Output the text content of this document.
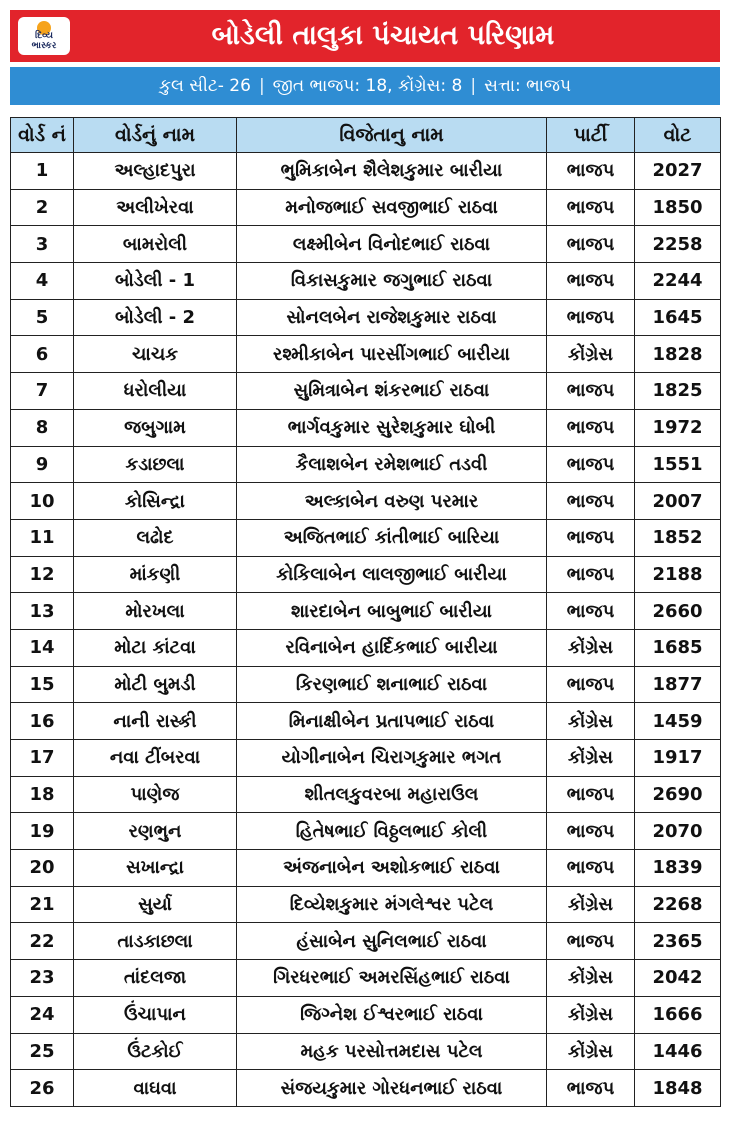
દિવ્ય
ભાસ્કર	બોડેલી તાલુકા પંચાયત પરિણામ
કુલ સીટ- 26 | જીત ભાજપ: 18, કોંગ્રેસ: 8 | સત્તા: ભાજપ
વોર્ડ નં	વોર્ડનું નામ	વિજેતાનુ નામ	પાર્ટી	વોટ
1	અલ્હાદપુરા	ભુમિકાબેન શૈલેશકુમાર બારીયા	ભાજપ	2027
2	અલીખેરવા	મનોજભાઈ સવજીભાઈ રાઠવા	ભાજપ	1850
3	બામરોલી	લક્ષ્મીબેન વિનોદભાઈ રાઠવા	ભાજપ	2258
4	બોડેલી - 1	વિકાસકુમાર જગુભાઈ રાઠવા	ભાજપ	2244
5	બોડેલી - 2	સોનલબેન રાજેશકુમાર રાઠવા	ભાજપ	1645
6	ચાચક	રશ્મીકાબેન પારસીંગભાઈ બારીયા	કોંગ્રેસ	1828
7	ધરોલીયા	સુમિત્રાબેન શંકરભાઈ રાઠવા	ભાજપ	1825
8	જબુગામ	ભાર્ગવકુમાર સુરેશકુમાર ઘોબી	ભાજપ	1972
9	કડાછલા	કૈલાશબેન રમેશભાઈ તડવી	ભાજપ	1551
10	કોસિન્દ્રા	અલ્કાબેન વરુણ પરમાર	ભાજપ	2007
11	લઢોદ	અજિતભાઈ કાંતીભાઈ બારિયા	ભાજપ	1852
12	માંકણી	કોકિલાબેન લાલજીભાઈ બારીયા	ભાજપ	2188
13	મોરખલા	શારદાબેન બાબુભાઈ બારીયા	ભાજપ	2660
14	મોટા કાંટવા	રવિનાબેન હાર્દિકભાઈ બારીયા	કોંગ્રેસ	1685
15	મોટી બુમડી	કિરણભાઈ શનાભાઈ રાઠવા	ભાજપ	1877
16	નાની રાસ્કી	મિનાક્ષીબેન પ્રતાપભાઈ રાઠવા	કોંગ્રેસ	1459
17	નવા ટીંબરવા	યોગીનાબેન ચિરાગકુમાર ભગત	કોંગ્રેસ	1917
18	પાણેજ	શીતલકુવરબા મહારાઉલ	ભાજપ	2690
19	રણભુન	હિતેષભાઈ વિઠ્ઠલભાઈ કોલી	ભાજપ	2070
20	સખાન્દ્રા	અંજનાબેન અશોકભાઈ રાઠવા	ભાજપ	1839
21	સુર્યા	દિવ્યેશકુમાર મંગલેશ્વર પટેલ	કોંગ્રેસ	2268
22	તાડકાછલા	હંસાબેન સુનિલભાઈ રાઠવા	ભાજપ	2365
23	તાંદલજા	ગિરધરભાઈ અમરસિંહભાઈ રાઠવા	કોંગ્રેસ	2042
24	ઉંચાપાન	જિગ્નેશ ઈશ્વરભાઈ રાઠવા	કોંગ્રેસ	1666
25	ઉંટકોઈ	મહક પરસોત્તમદાસ પટેલ	કોંગ્રેસ	1446
26	વાઘવા	સંજયકુમાર ગોરધનભાઈ રાઠવા	ભાજપ	1848
